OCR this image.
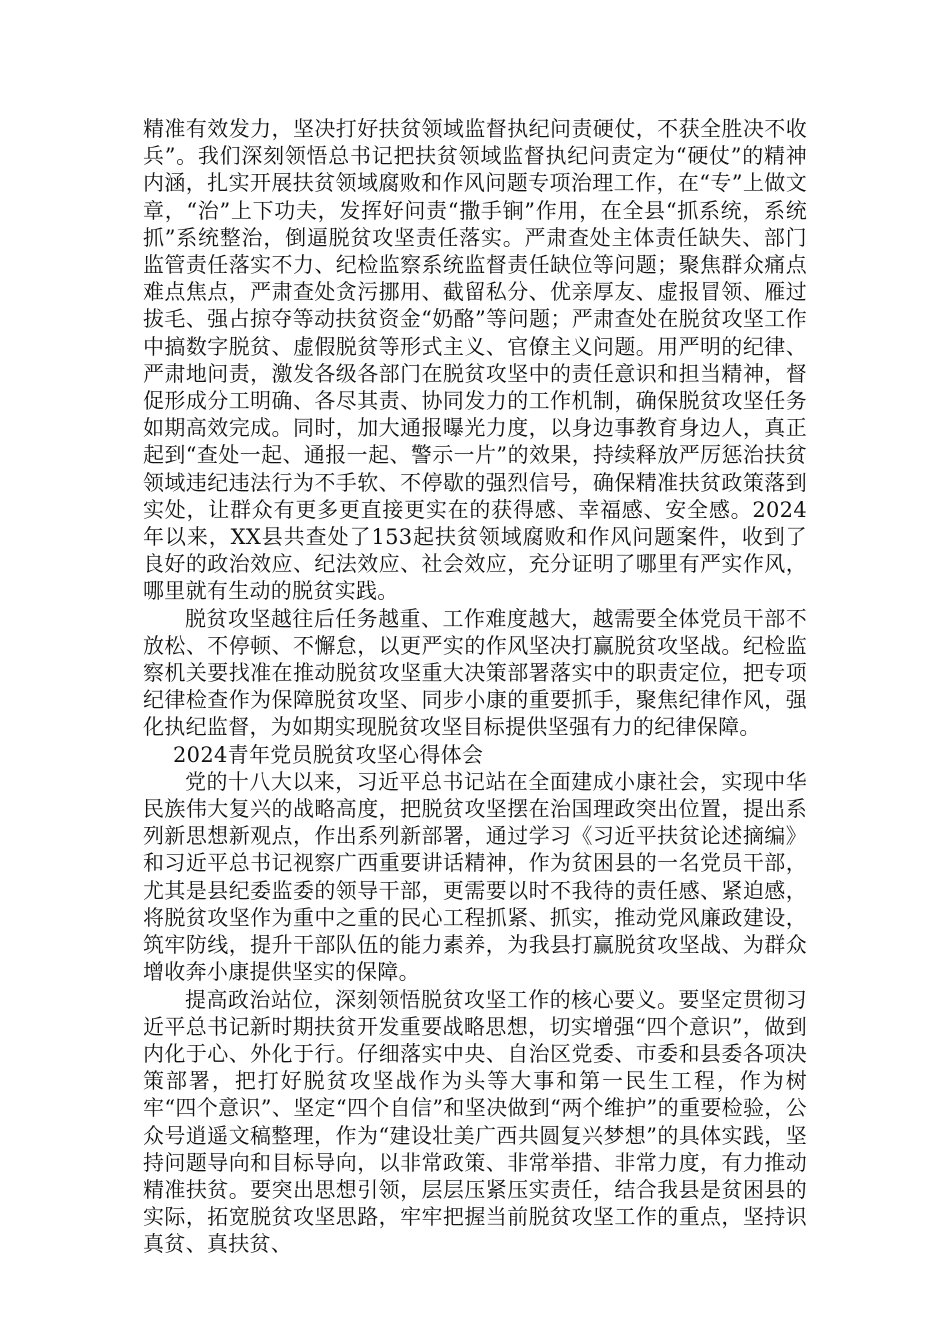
精准有效发力，坚决打好扶贫领域监督执纪问责硬仗，不获全胜决不收兵”。我们深刻领悟总书记把扶贫领域监督执纪问责定为“硬仗”的精神内涵，扎实开展扶贫领域腐败和作风问题专项治理工作，在“专”上做文章，“治”上下功夫，发挥好问责“撒手锏”作用，在全县“抓系统，系统抓”系统整治，倒逼脱贫攻坚责任落实。严肃查处主体责任缺失、部门监管责任落实不力、纪检监察系统监督责任缺位等问题；聚焦群众痛点难点焦点，严肃查处贪污挪用、截留私分、优亲厚友、虚报冒领、雁过拔毛、强占掠夺等动扶贫资金“奶酪”等问题；严肃查处在脱贫攻坚工作中搞数字脱贫、虚假脱贫等形式主义、官僚主义问题。用严明的纪律、严肃地问责，激发各级各部门在脱贫攻坚中的责任意识和担当精神，督促形成分工明确、各尽其责、协同发力的工作机制，确保脱贫攻坚任务如期高效完成。同时，加大通报曝光力度，以身边事教育身边人，真正起到“查处一起、通报一起、警示一片”的效果，持续释放严厉惩治扶贫领域违纪违法行为不手软、不停歇的强烈信号，确保精准扶贫政策落到实处，让群众有更多更直接更实在的获得感、幸福感、安全感。2024年以来，XX县共查处了153起扶贫领域腐败和作风问题案件，收到了良好的政治效应、纪法效应、社会效应，充分证明了哪里有严实作风，哪里就有生动的脱贫实践。

脱贫攻坚越往后任务越重、工作难度越大，越需要全体党员干部不放松、不停顿、不懈怠，以更严实的作风坚决打赢脱贫攻坚战。纪检监察机关要找准在推动脱贫攻坚重大决策部署落实中的职责定位，把专项纪律检查作为保障脱贫攻坚、同步小康的重要抓手，聚焦纪律作风，强化执纪监督，为如期实现脱贫攻坚目标提供坚强有力的纪律保障。

2024青年党员脱贫攻坚心得体会

党的十八大以来，习近平总书记站在全面建成小康社会，实现中华民族伟大复兴的战略高度，把脱贫攻坚摆在治国理政突出位置，提出系列新思想新观点，作出系列新部署，通过学习《习近平扶贫论述摘编》和习近平总书记视察广西重要讲话精神，作为贫困县的一名党员干部，尤其是县纪委监委的领导干部，更需要以时不我待的责任感、紧迫感，将脱贫攻坚作为重中之重的民心工程抓紧、抓实，推动党风廉政建设，筑牢防线，提升干部队伍的能力素养，为我县打赢脱贫攻坚战、为群众增收奔小康提供坚实的保障。

提高政治站位，深刻领悟脱贫攻坚工作的核心要义。要坚定贯彻习近平总书记新时期扶贫开发重要战略思想，切实增强“四个意识”，做到内化于心、外化于行。仔细落实中央、自治区党委、市委和县委各项决策部署，把打好脱贫攻坚战作为头等大事和第一民生工程，作为树牢“四个意识”、坚定“四个自信”和坚决做到“两个维护”的重要检验，公众号逍遥文稿整理，作为“建设壮美广西共圆复兴梦想”的具体实践，坚持问题导向和目标导向，以非常政策、非常举措、非常力度，有力推动精准扶贫。要突出思想引领，层层压紧压实责任，结合我县是贫困县的实际，拓宽脱贫攻坚思路，牢牢把握当前脱贫攻坚工作的重点，坚持识真贫、真扶贫、
